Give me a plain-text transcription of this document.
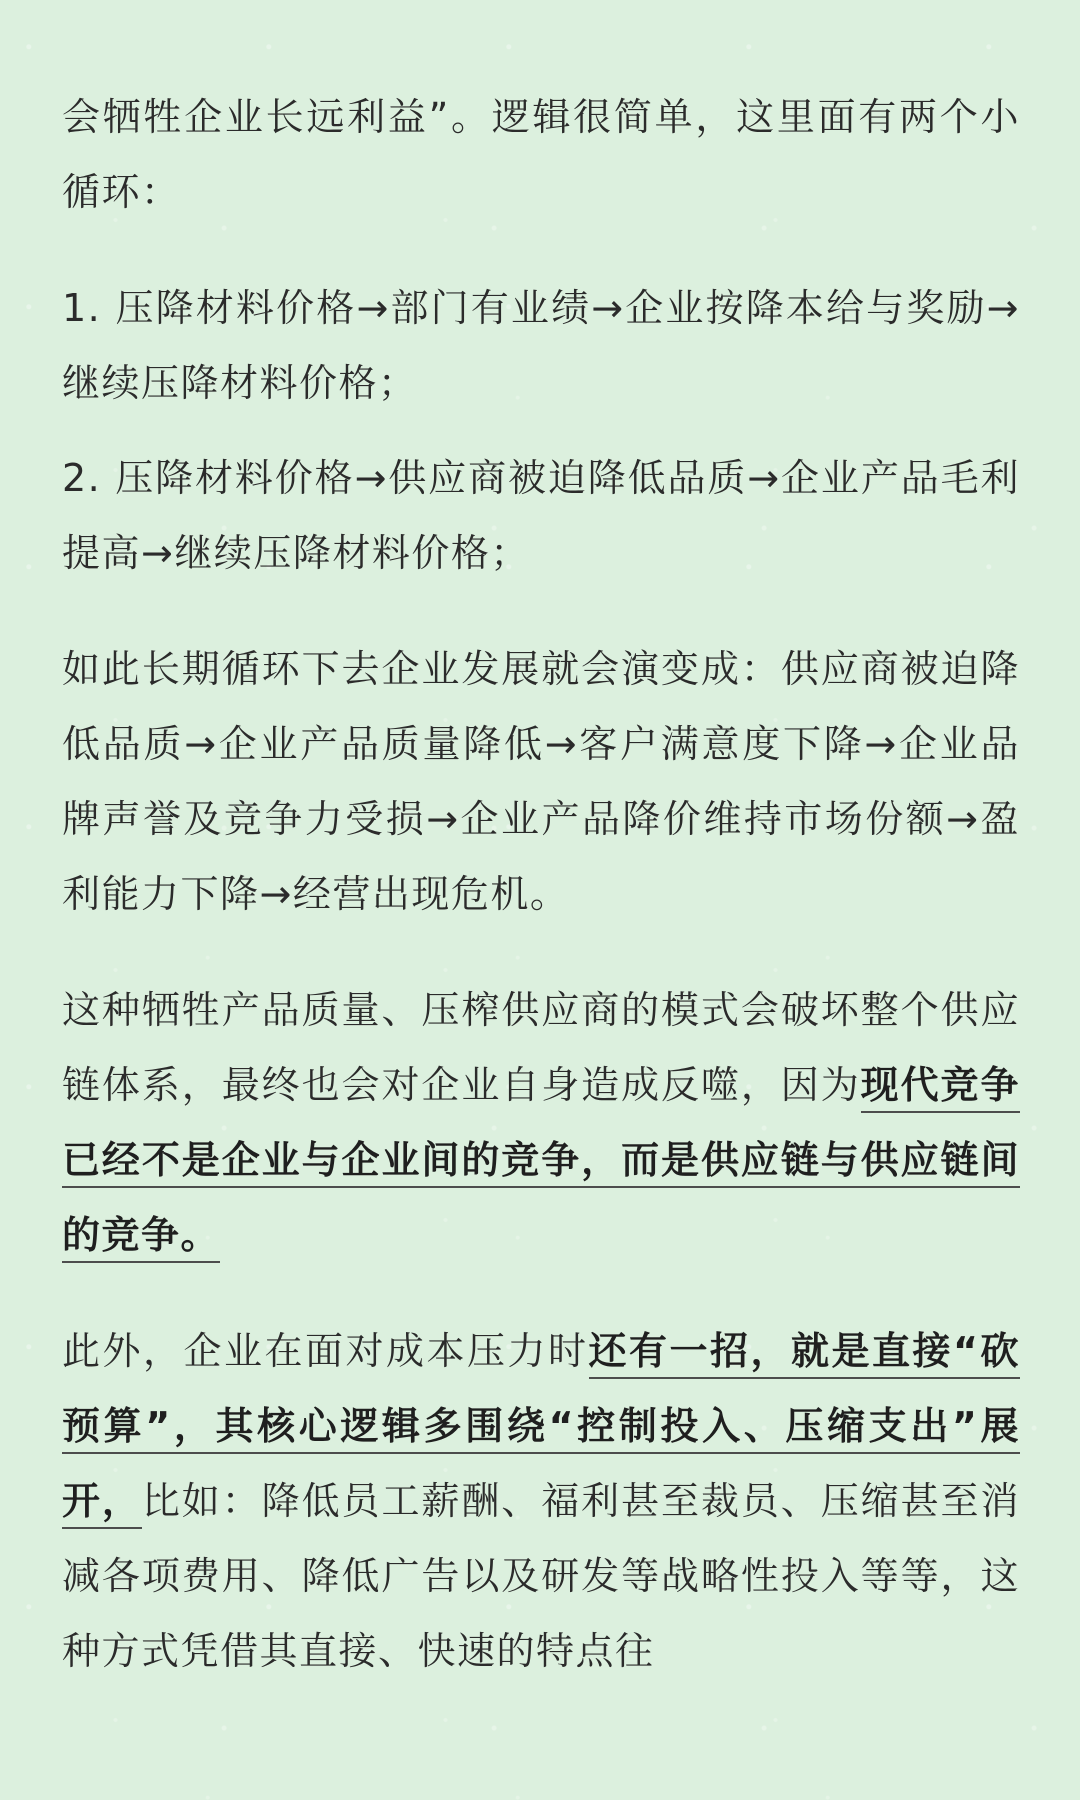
会牺牲企业长远利益”。逻辑很简单，这里面有两个小循环：

1. 压降材料价格→部门有业绩→企业按降本给与奖励→继续压降材料价格；

2. 压降材料价格→供应商被迫降低品质→企业产品毛利提高→继续压降材料价格；

如此长期循环下去企业发展就会演变成：供应商被迫降低品质→企业产品质量降低→客户满意度下降→企业品牌声誉及竞争力受损→企业产品降价维持市场份额→盈利能力下降→经营出现危机。

这种牺牲产品质量、压榨供应商的模式会破坏整个供应链体系，最终也会对企业自身造成反噬，因为现代竞争已经不是企业与企业间的竞争，而是供应链与供应链间的竞争。

此外，企业在面对成本压力时还有一招，就是直接“砍预算”，其核心逻辑多围绕“控制投入、压缩支出”展开，比如：降低员工薪酬、福利甚至裁员、压缩甚至消减各项费用、降低广告以及研发等战略性投入等等，这种方式凭借其直接、快速的特点往
